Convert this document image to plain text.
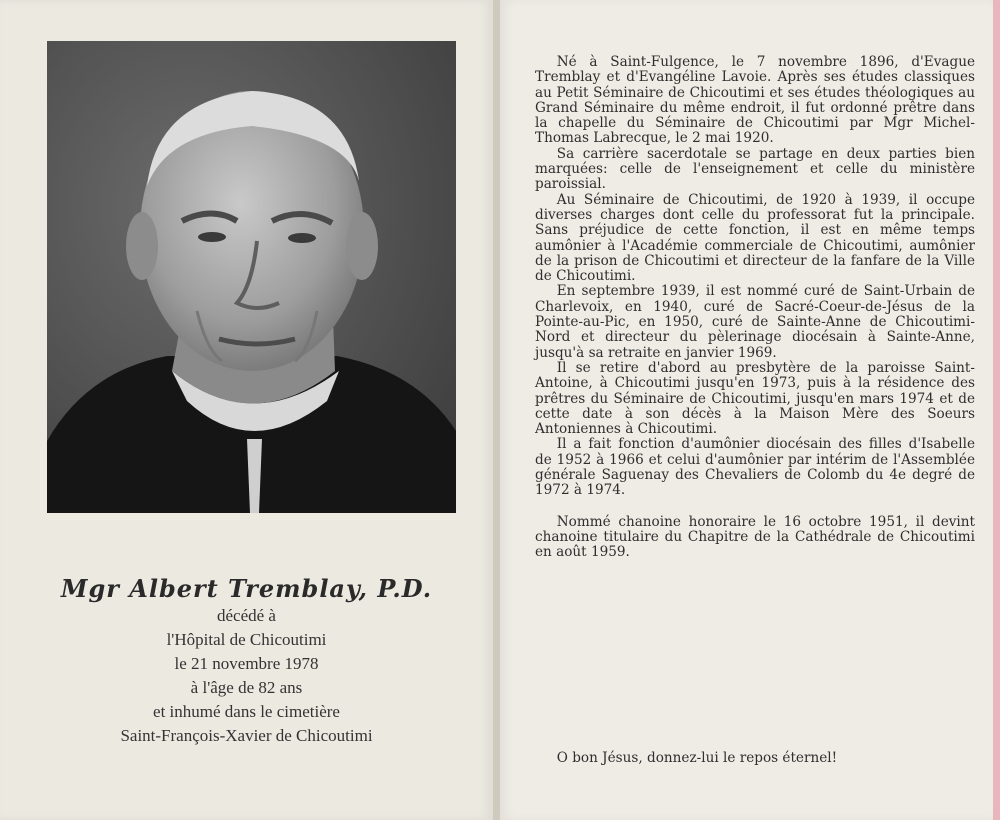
Mgr Albert Tremblay, P.D.
décédé à
l'Hôpital de Chicoutimi
le 21 novembre 1978
à l'âge de 82 ans
et inhumé dans le cimetière
Saint-François-Xavier de Chicoutimi

Né à Saint-Fulgence, le 7 novembre 1896, d'Evague Tremblay et d'Evangéline Lavoie. Après ses études classiques au Petit Séminaire de Chicoutimi et ses études théologiques au Grand Séminaire du même endroit, il fut ordonné prêtre dans la chapelle du Séminaire de Chicoutimi par Mgr Michel-Thomas Labrecque, le 2 mai 1920.

Sa carrière sacerdotale se partage en deux parties bien marquées: celle de l'enseignement et celle du ministère paroissial.

Au Séminaire de Chicoutimi, de 1920 à 1939, il occupe diverses charges dont celle du professorat fut la principale. Sans préjudice de cette fonction, il est en même temps aumônier à l'Académie commerciale de Chicoutimi, aumônier de la prison de Chicoutimi et directeur de la fanfare de la Ville de Chicoutimi.

En septembre 1939, il est nommé curé de Saint-Urbain de Charlevoix, en 1940, curé de Sacré-Coeur-de-Jésus de la Pointe-au-Pic, en 1950, curé de Sainte-Anne de Chicoutimi-Nord et directeur du pèlerinage diocésain à Sainte-Anne, jusqu'à sa retraite en janvier 1969.

Il se retire d'abord au presbytère de la paroisse Saint-Antoine, à Chicoutimi jusqu'en 1973, puis à la résidence des prêtres du Séminaire de Chicoutimi, jusqu'en mars 1974 et de cette date à son décès à la Maison Mère des Soeurs Antoniennes à Chicoutimi.

Il a fait fonction d'aumônier diocésain des filles d'Isabelle de 1952 à 1966 et celui d'aumônier par intérim de l'Assemblée générale Saguenay des Chevaliers de Colomb du 4e degré de 1972 à 1974.

Nommé chanoine honoraire le 16 octobre 1951, il devint chanoine titulaire du Chapitre de la Cathédrale de Chicoutimi en août 1959.

O bon Jésus, donnez-lui le repos éternel!
